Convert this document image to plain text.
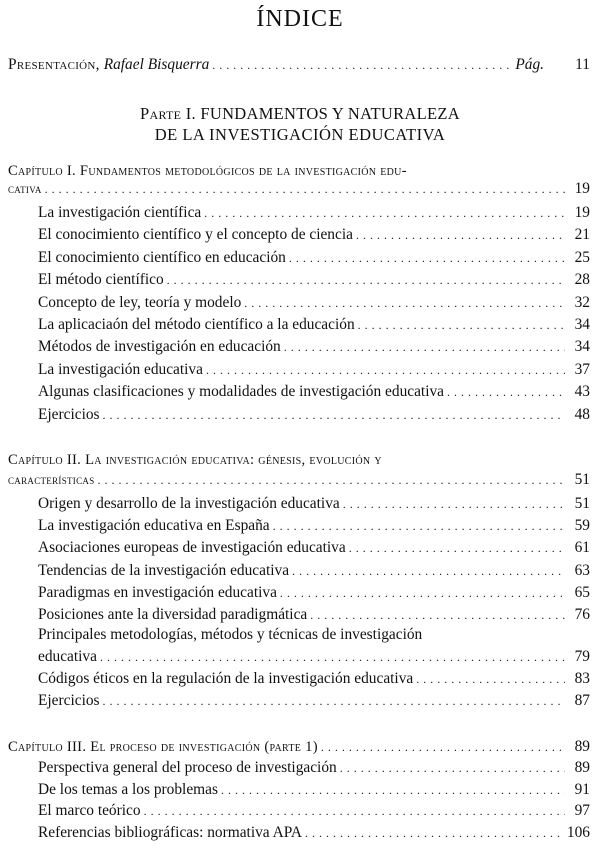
ÍNDICE
Presentación, Rafael Bisquerra . . .	Pág.	11
Parte I. FUNDAMENTOS Y NATURALEZA
DE LA INVESTIGACIÓN EDUCATIVA
Capítulo I. Fundamentos metodológicos de la investigación edu-
cativa . . .	19
La investigación científica . . .	19
El conocimiento científico y el concepto de ciencia . . .	21
El conocimiento científico en educación . . .	25
El método científico . . .	28
Concepto de ley, teoría y modelo . . .	32
La aplicaciaón del método científico a la educación . . .	34
Métodos de investigación en educación . . .	34
La investigación educativa . . .	37
Algunas clasificaciones y modalidades de investigación educativa . . .	43
Ejercicios . . .	48
Capítulo II. La investigación educativa: génesis, evolución y
características . . .	51
Origen y desarrollo de la investigación educativa . . .	51
La investigación educativa en España . . .	59
Asociaciones europeas de investigación educativa . . .	61
Tendencias de la investigación educativa . . .	63
Paradigmas en investigación educativa . . .	65
Posiciones ante la diversidad paradigmática . . .	76
Principales metodologías, métodos y técnicas de investigación
educativa . . .	79
Códigos éticos en la regulación de la investigación educativa . . .	83
Ejercicios . . .	87
Capítulo III. El proceso de investigación (parte 1) . . .	89
Perspectiva general del proceso de investigación . . .	89
De los temas a los problemas . . .	91
El marco teórico . . .	97
Referencias bibliográficas: normativa APA . . .	106
